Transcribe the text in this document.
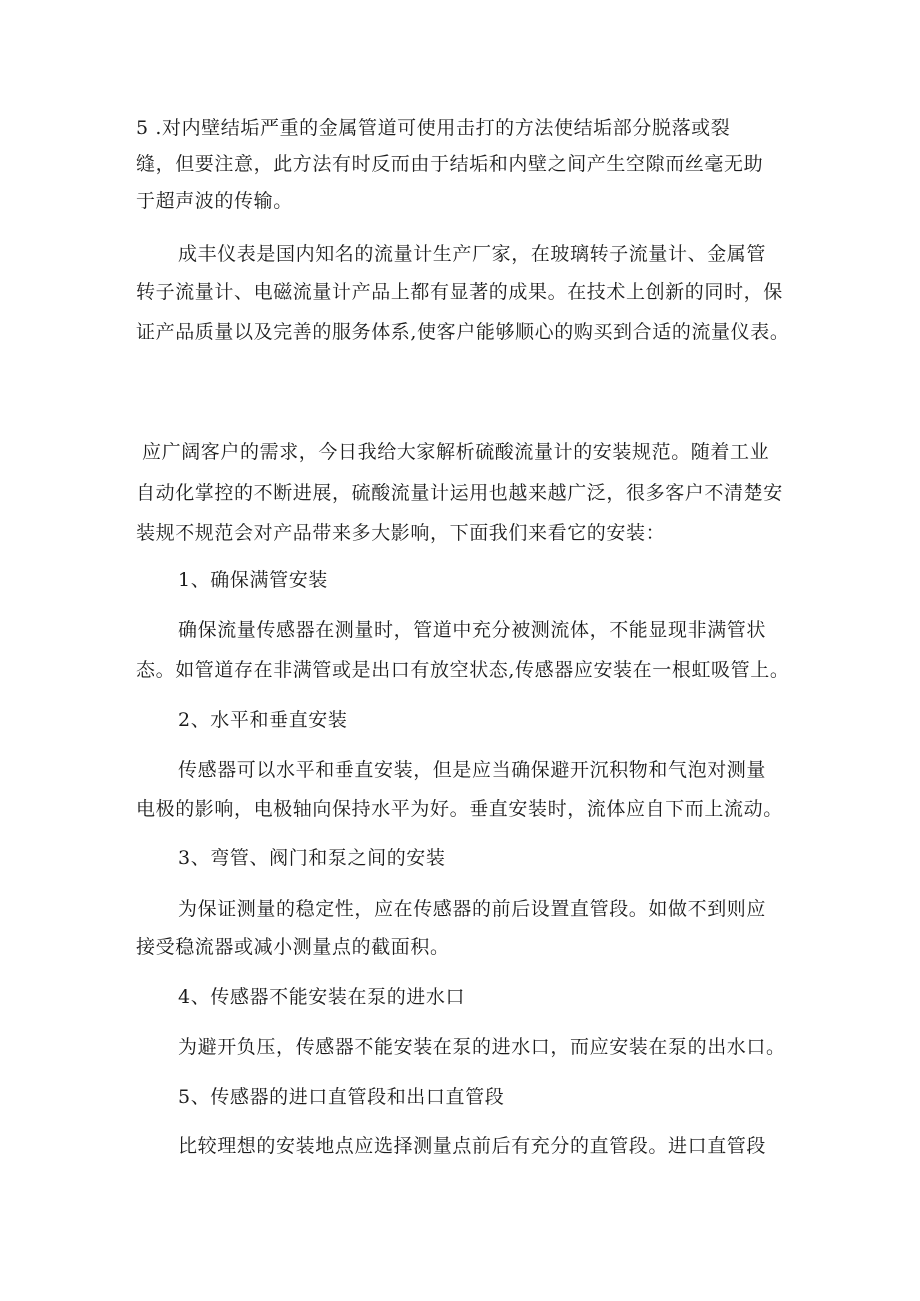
5 .对内壁结垢严重的金属管道可使用击打的方法使结垢部分脱落或裂
缝，但要注意，此方法有时反而由于结垢和内壁之间产生空隙而丝毫无助
于超声波的传输。
成丰仪表是国内知名的流量计生产厂家，在玻璃转子流量计、金属管
转子流量计、电磁流量计产品上都有显著的成果。在技术上创新的同时，保
证产品质量以及完善的服务体系,使客户能够顺心的购买到合适的流量仪表。
应广阔客户的需求，今日我给大家解析硫酸流量计的安装规范。随着工业
自动化掌控的不断进展，硫酸流量计运用也越来越广泛，很多客户不清楚安
装规不规范会对产品带来多大影响，下面我们来看它的安装：
1、确保满管安装
确保流量传感器在测量时，管道中充分被测流体，不能显现非满管状
态。如管道存在非满管或是出口有放空状态,传感器应安装在一根虹吸管上。
2、水平和垂直安装
传感器可以水平和垂直安装，但是应当确保避开沉积物和气泡对测量
电极的影响，电极轴向保持水平为好。垂直安装时，流体应自下而上流动。
3、弯管、阀门和泵之间的安装
为保证测量的稳定性，应在传感器的前后设置直管段。如做不到则应
接受稳流器或减小测量点的截面积。
4、传感器不能安装在泵的进水口
为避开负压，传感器不能安装在泵的进水口，而应安装在泵的出水口。
5、传感器的进口直管段和出口直管段
比较理想的安装地点应选择测量点前后有充分的直管段。进口直管段
